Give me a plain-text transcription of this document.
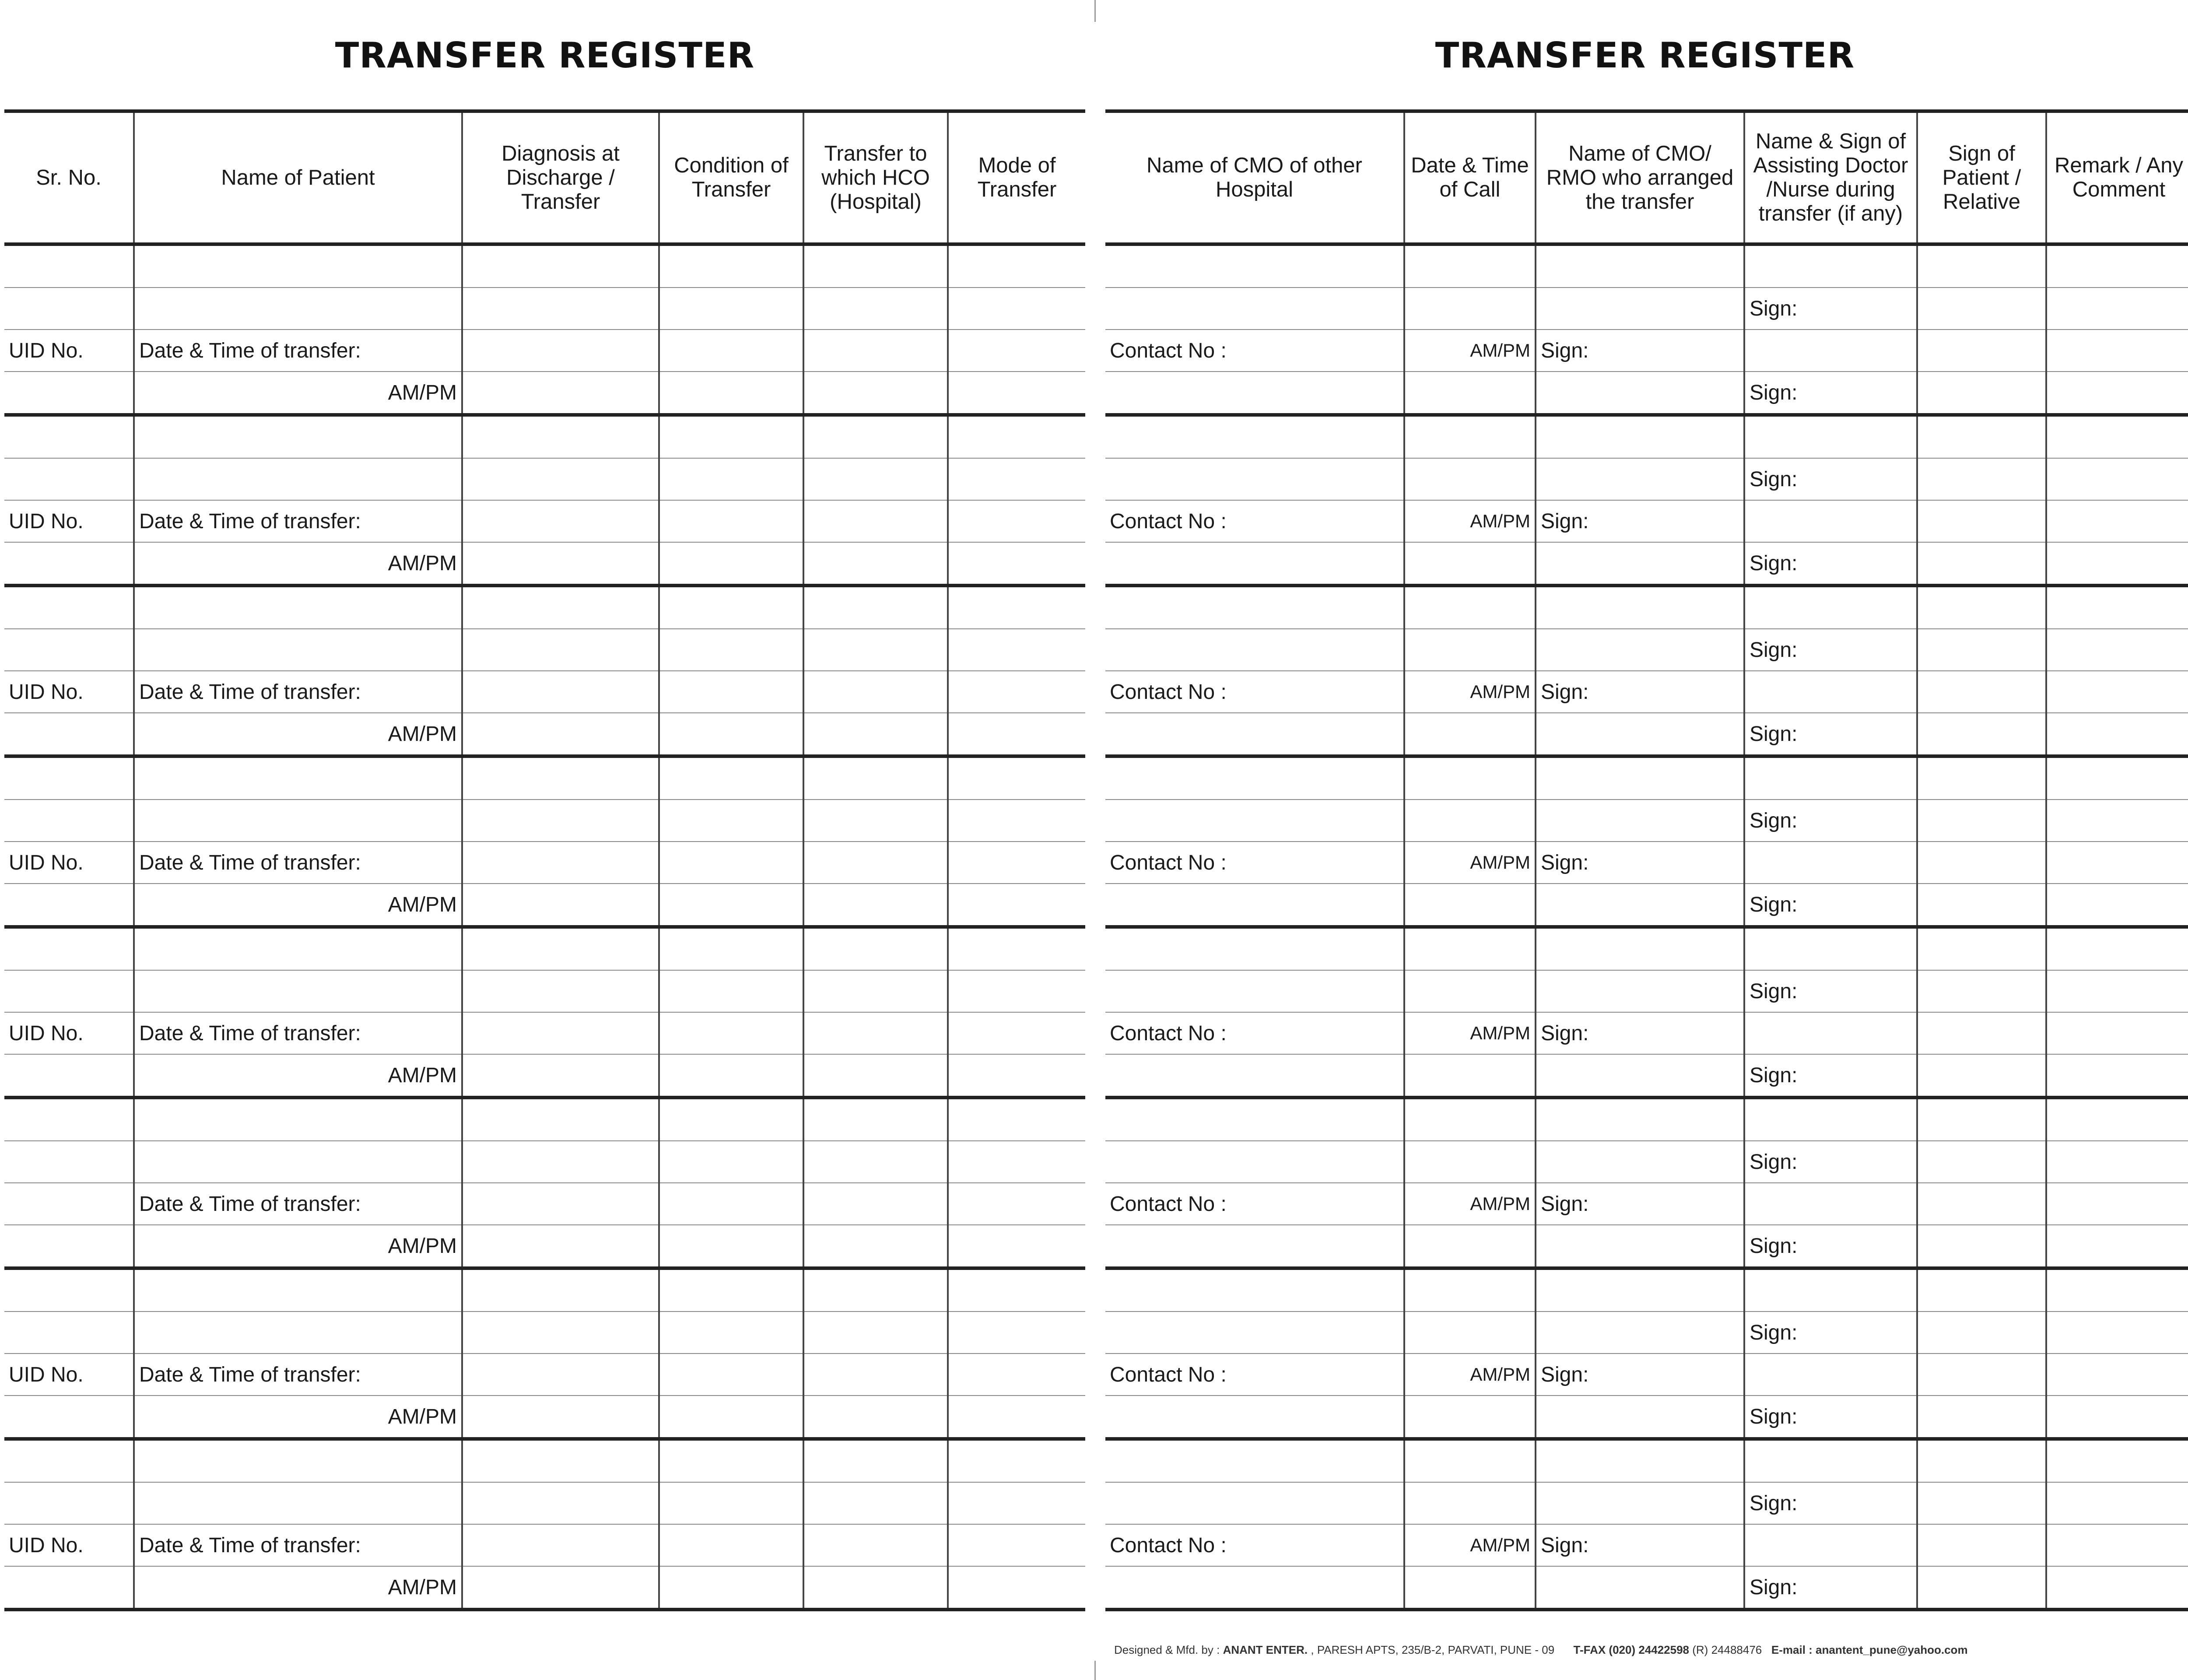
TRANSFER REGISTER
Sr. No.	Name of Patient	Diagnosis at Discharge / Transfer	Condition of Transfer	Transfer to which HCO (Hospital)	Mode of Transfer

UID No.	Date & Time of transfer:				
	AM/PM				

UID No.	Date & Time of transfer:				
	AM/PM				

UID No.	Date & Time of transfer:				
	AM/PM				

UID No.	Date & Time of transfer:				
	AM/PM				

UID No.	Date & Time of transfer:				
	AM/PM				

	Date & Time of transfer:				
	AM/PM				

UID No.	Date & Time of transfer:				
	AM/PM				

UID No.	Date & Time of transfer:				
	AM/PM				
TRANSFER REGISTER
Name of CMO of other Hospital	Date & Time of Call	Name of CMO/ RMO who arranged the transfer	Name & Sign of Assisting Doctor /Nurse during transfer (if any)	Sign of Patient / Relative	Remark / Any Comment

			Sign:		
Contact No :	AM/PM	Sign:			
			Sign:		

			Sign:		
Contact No :	AM/PM	Sign:			
			Sign:		

			Sign:		
Contact No :	AM/PM	Sign:			
			Sign:		

			Sign:		
Contact No :	AM/PM	Sign:			
			Sign:		

			Sign:		
Contact No :	AM/PM	Sign:			
			Sign:		

			Sign:		
Contact No :	AM/PM	Sign:			
			Sign:		

			Sign:		
Contact No :	AM/PM	Sign:			
			Sign:		

			Sign:		
Contact No :	AM/PM	Sign:			
			Sign:		
Designed & Mfd. by : ANANT ENTER. , PARESH APTS, 235/B-2, PARVATI, PUNE - 09 T-FAX (020) 24422598 (R) 24488476 E-mail : anantent_pune@yahoo.com
